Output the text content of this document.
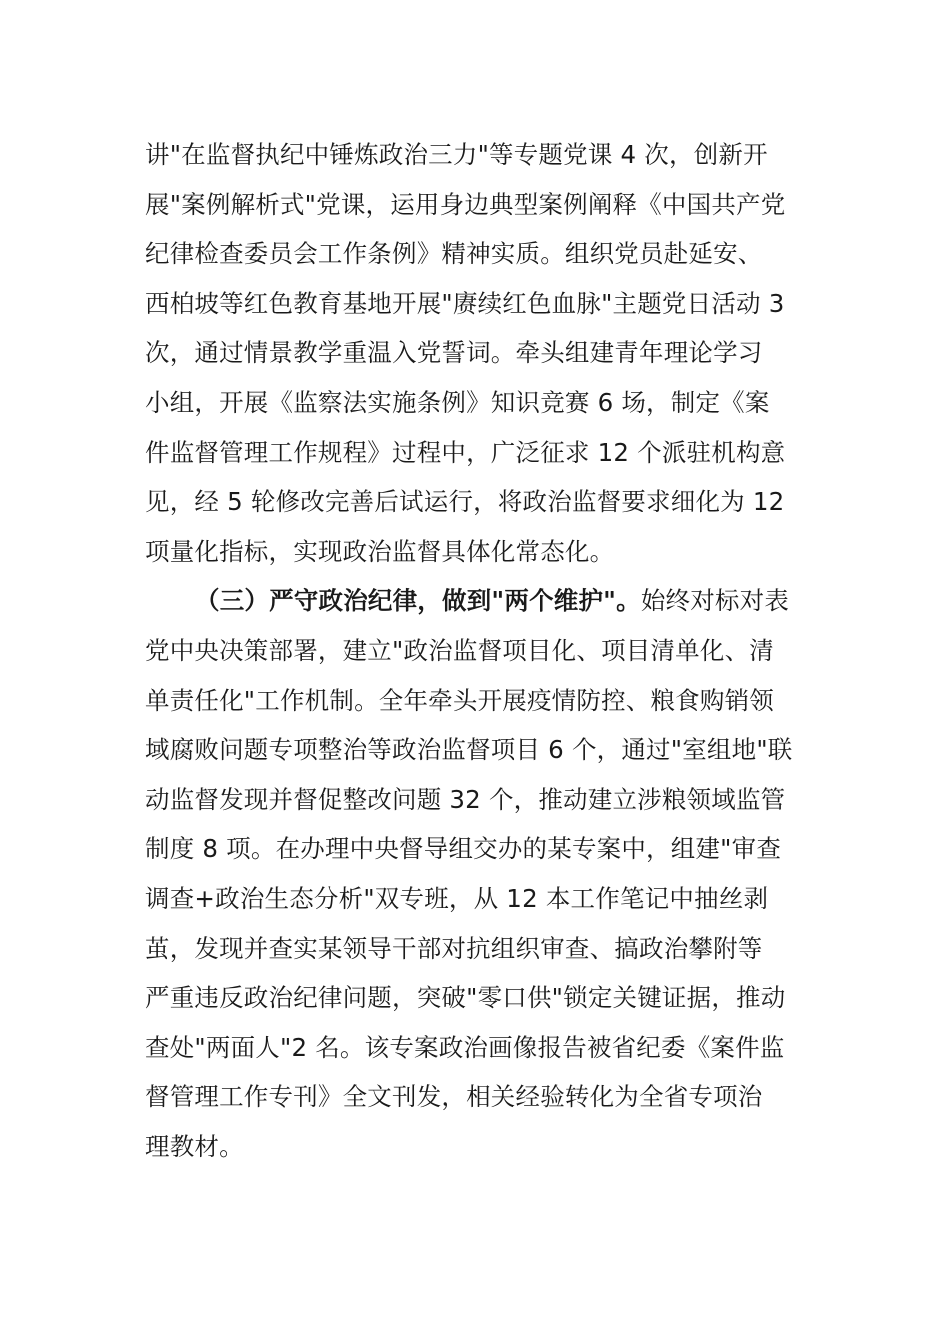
讲"在监督执纪中锤炼政治三力"等专题党课 4 次，创新开
展"案例解析式"党课，运用身边典型案例阐释《中国共产党
纪律检查委员会工作条例》精神实质。组织党员赴延安、
西柏坡等红色教育基地开展"赓续红色血脉"主题党日活动 3
次，通过情景教学重温入党誓词。牵头组建青年理论学习
小组，开展《监察法实施条例》知识竞赛 6 场，制定《案
件监督管理工作规程》过程中，广泛征求 12 个派驻机构意
见，经 5 轮修改完善后试运行，将政治监督要求细化为 12
项量化指标，实现政治监督具体化常态化。
（三）严守政治纪律，做到"两个维护"。始终对标对表
党中央决策部署，建立"政治监督项目化、项目清单化、清
单责任化"工作机制。全年牵头开展疫情防控、粮食购销领
域腐败问题专项整治等政治监督项目 6 个，通过"室组地"联
动监督发现并督促整改问题 32 个，推动建立涉粮领域监管
制度 8 项。在办理中央督导组交办的某专案中，组建"审查
调查+政治生态分析"双专班，从 12 本工作笔记中抽丝剥
茧，发现并查实某领导干部对抗组织审查、搞政治攀附等
严重违反政治纪律问题，突破"零口供"锁定关键证据，推动
查处"两面人"2 名。该专案政治画像报告被省纪委《案件监
督管理工作专刊》全文刊发，相关经验转化为全省专项治
理教材。
